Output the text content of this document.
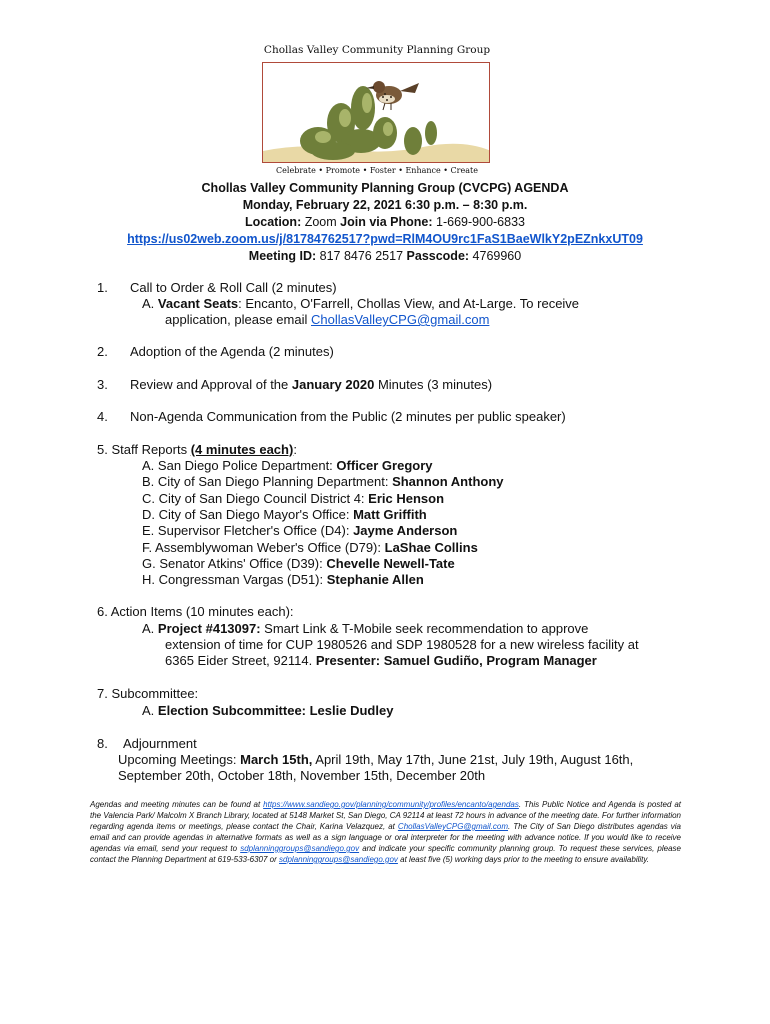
Chollas Valley Community Planning Group
Celebrate • Promote • Foster • Enhance • Create
Chollas Valley Community Planning Group (CVCPG) AGENDA
Monday, February 22, 2021 6:30 p.m. – 8:30 p.m.
Location: Zoom Join via Phone: 1-669-900-6833
https://us02web.zoom.us/j/81784762517?pwd=RlM4OU9rc1FaS1BaeWlkY2pEZnkxUT09
Meeting ID: 817 8476 2517 Passcode: 4769960
1. Call to Order & Roll Call (2 minutes)
A. Vacant Seats: Encanto, O'Farrell, Chollas View, and At-Large. To receive
application, please email ChollasValleyCPG@gmail.com
2. Adoption of the Agenda (2 minutes)
3. Review and Approval of the January 2020 Minutes (3 minutes)
4. Non-Agenda Communication from the Public (2 minutes per public speaker)
5. Staff Reports (4 minutes each):
A. San Diego Police Department: Officer Gregory
B. City of San Diego Planning Department: Shannon Anthony
C. City of San Diego Council District 4: Eric Henson
D. City of San Diego Mayor's Office: Matt Griffith
E. Supervisor Fletcher's Office (D4): Jayme Anderson
F. Assemblywoman Weber's Office (D79): LaShae Collins
G. Senator Atkins' Office (D39): Chevelle Newell-Tate
H. Congressman Vargas (D51): Stephanie Allen
6. Action Items (10 minutes each):
A. Project #413097: Smart Link & T-Mobile seek recommendation to approve
extension of time for CUP 1980526 and SDP 1980528 for a new wireless facility at
6365 Eider Street, 92114. Presenter: Samuel Gudiño, Program Manager
7. Subcommittee:
A. Election Subcommittee: Leslie Dudley
8. Adjournment
Upcoming Meetings: March 15th, April 19th, May 17th, June 21st, July 19th, August 16th,
September 20th, October 18th, November 15th, December 20th
Agendas and meeting minutes can be found at https://www.sandiego.gov/planning/community/profiles/encanto/agendas. This Public Notice and Agenda is posted at the Valencia Park/ Malcolm X Branch Library, located at 5148 Market St, San Diego, CA 92114 at least 72 hours in advance of the meeting date. For further information regarding agenda items or meetings, please contact the Chair, Karina Velazquez, at ChollasValleyCPG@gmail.com. The City of San Diego distributes agendas via email and can provide agendas in alternative formats as well as a sign language or oral interpreter for the meeting with advance notice. If you would like to receive agendas via email, send your request to sdplanninggroups@sandiego.gov and indicate your specific community planning group. To request these services, please contact the Planning Department at 619-533-6307 or sdplanninggroups@sandiego.gov at least five (5) working days prior to the meeting to ensure availability.
